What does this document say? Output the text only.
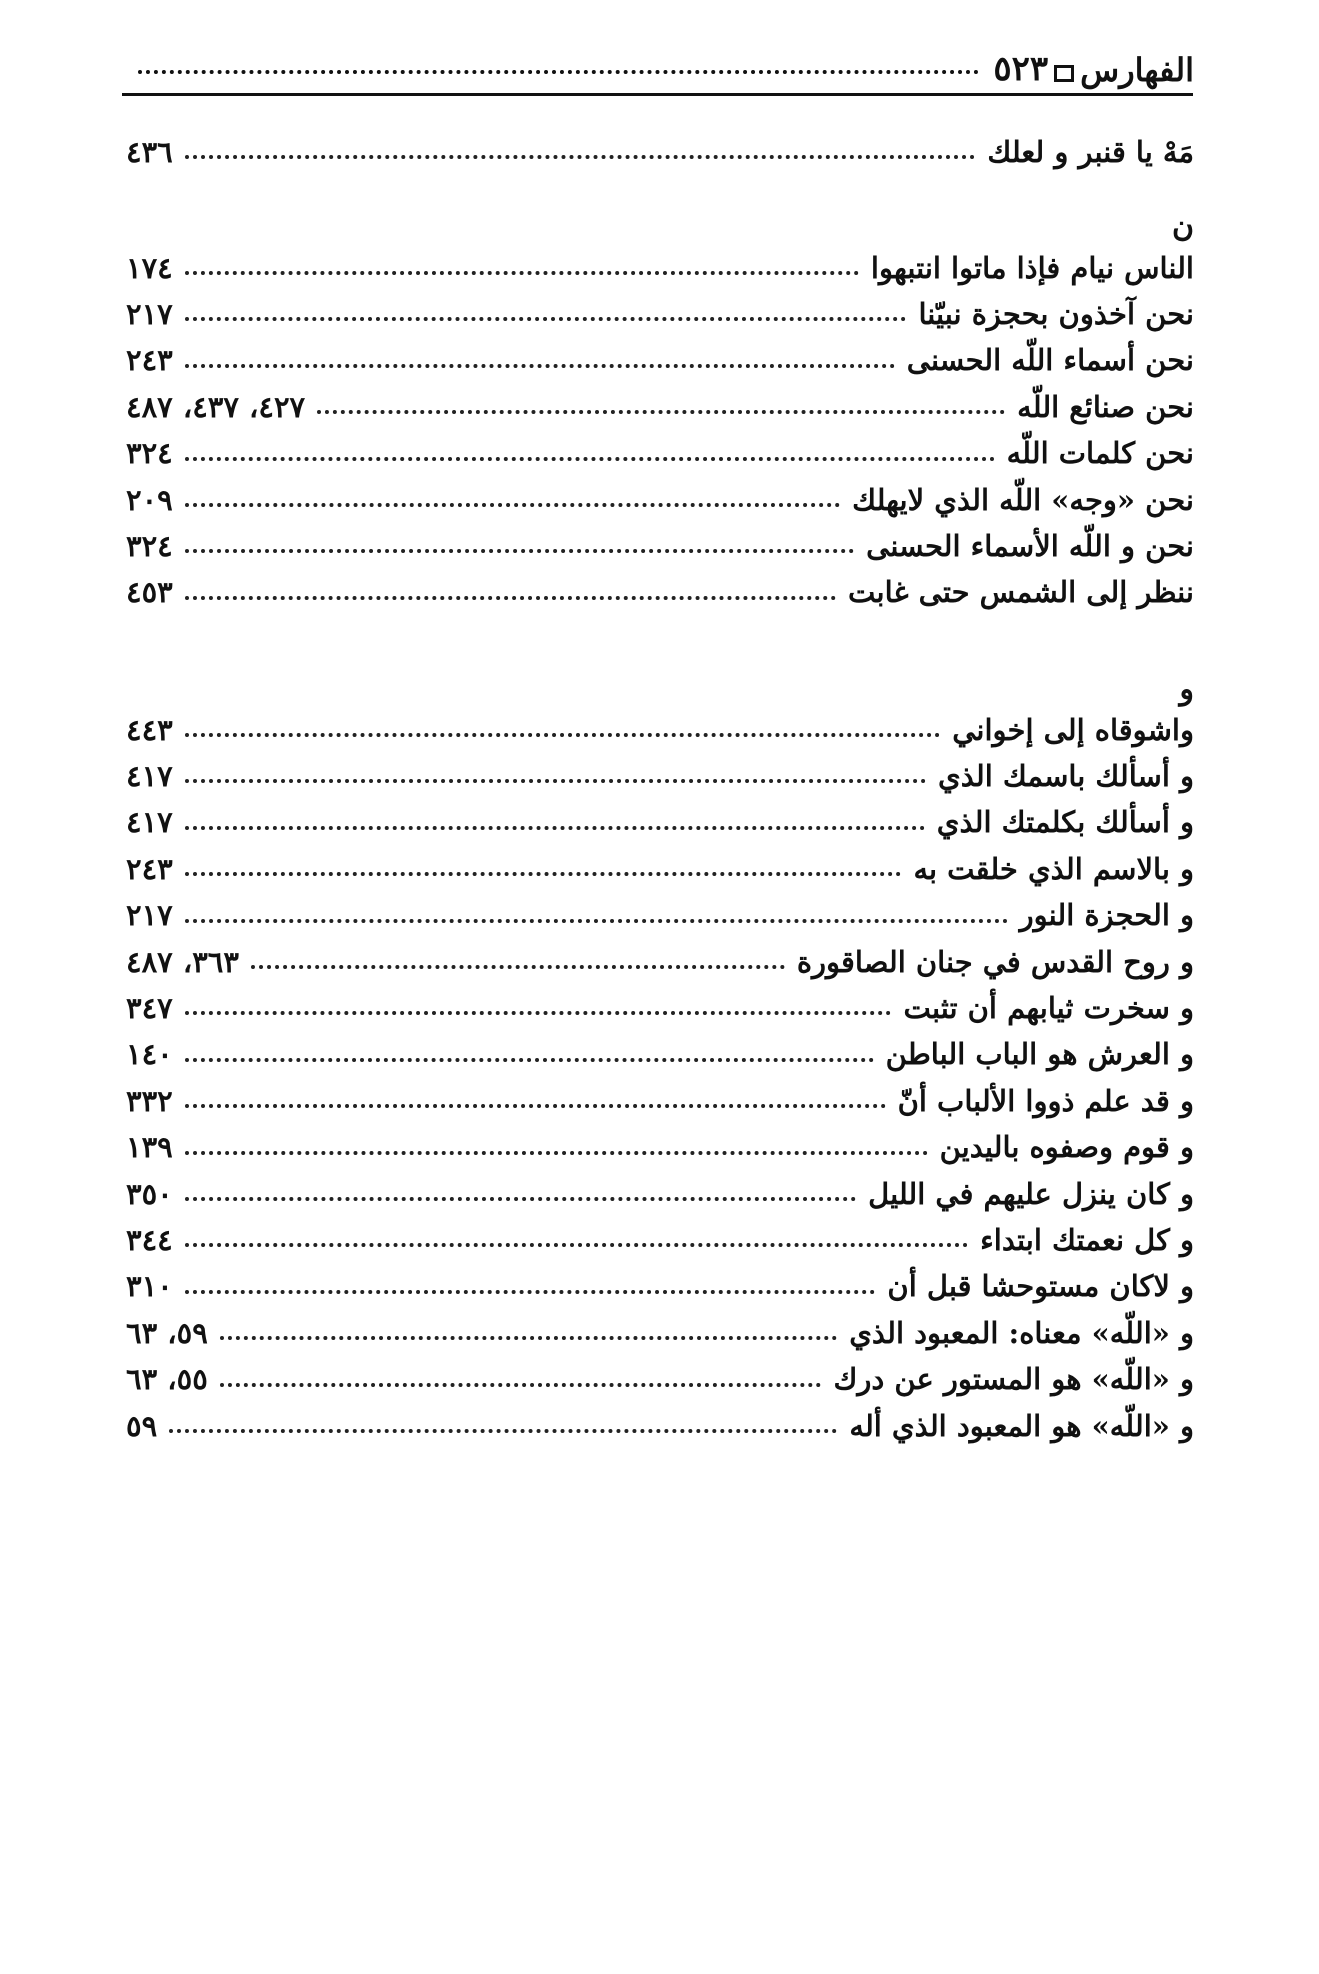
الفهارس
٥٢٣
مَهْ يا قنبر و لعلك
٤٣٦
ن
الناس نيام فإذا ماتوا انتبهوا
١٧٤
نحن آخذون بحجزة نبيّنا
٢١٧
نحن أسماء اللّه الحسنى
٢٤٣
نحن صنائع اللّه
٤٢٧، ٤٣٧، ٤٨٧
نحن كلمات اللّه
٣٢٤
نحن «وجه» اللّه الذي لايهلك
٢٠٩
نحن و اللّه الأسماء الحسنى
٣٢٤
ننظر إلى الشمس حتى غابت
٤٥٣
و
واشوقاه إلى إخواني
٤٤٣
و أسألك باسمك الذي
٤١٧
و أسألك بكلمتك الذي
٤١٧
و بالاسم الذي خلقت به
٢٤٣
و الحجزة النور
٢١٧
و روح القدس في جنان الصاقورة
٣٦٣، ٤٨٧
و سخرت ثيابهم أن تثبت
٣٤٧
و العرش هو الباب الباطن
١٤٠
و قد علم ذووا الألباب أنّ
٣٣٢
و قوم وصفوه باليدين
١٣٩
و كان ينزل عليهم في الليل
٣٥٠
و كل نعمتك ابتداء
٣٤٤
و لاكان مستوحشا قبل أن
٣١٠
و «اللّه» معناه: المعبود الذي
٥٩، ٦٣
و «اللّه» هو المستور عن درك
٥٥، ٦٣
و «اللّه» هو المعبود الذي أله
٥٩
